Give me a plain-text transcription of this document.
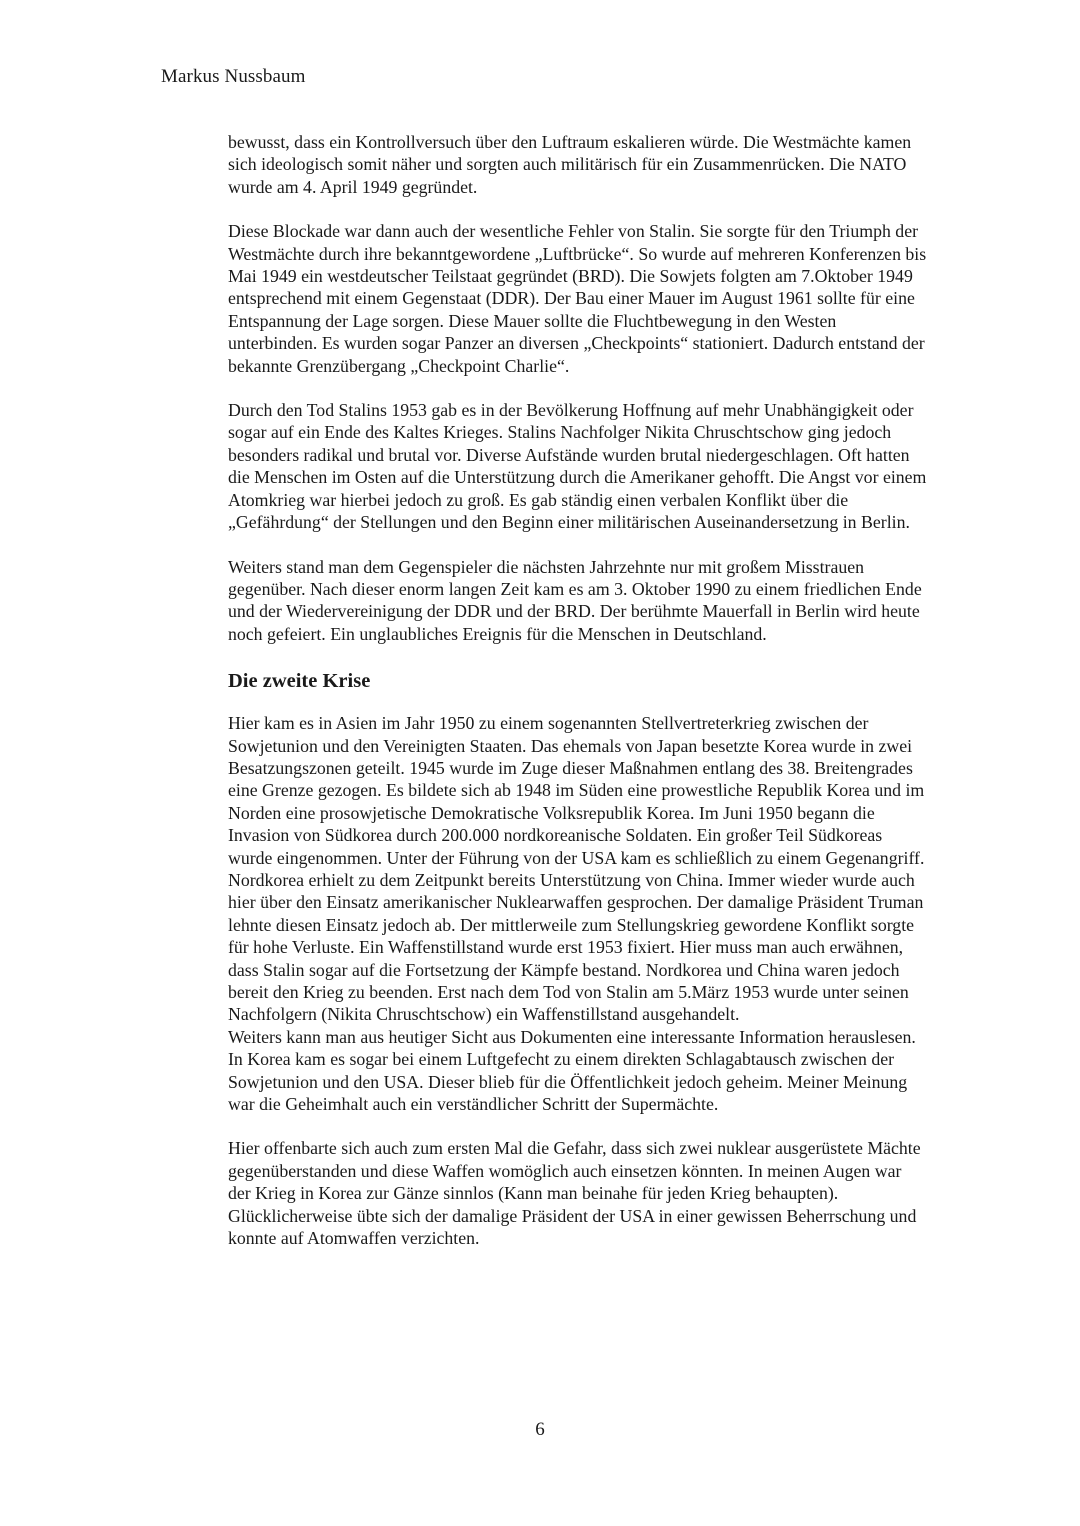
Markus Nussbaum

bewusst, dass ein Kontrollversuch über den Luftraum eskalieren würde. Die Westmächte kamen sich ideologisch somit näher und sorgten auch militärisch für ein Zusammenrücken. Die NATO wurde am 4. April 1949 gegründet.

Diese Blockade war dann auch der wesentliche Fehler von Stalin. Sie sorgte für den Triumph der Westmächte durch ihre bekanntgewordene „Luftbrücke“. So wurde auf mehreren Konferenzen bis Mai 1949 ein westdeutscher Teilstaat gegründet (BRD). Die Sowjets folgten am 7.Oktober 1949 entsprechend mit einem Gegenstaat (DDR). Der Bau einer Mauer im August 1961 sollte für eine Entspannung der Lage sorgen. Diese Mauer sollte die Fluchtbewegung in den Westen unterbinden. Es wurden sogar Panzer an diversen „Checkpoints“ stationiert. Dadurch entstand der bekannte Grenzübergang „Checkpoint Charlie“.

Durch den Tod Stalins 1953 gab es in der Bevölkerung Hoffnung auf mehr Unabhängigkeit oder sogar auf ein Ende des Kaltes Krieges. Stalins Nachfolger Nikita Chruschtschow ging jedoch besonders radikal und brutal vor. Diverse Aufstände wurden brutal niedergeschlagen. Oft hatten die Menschen im Osten auf die Unterstützung durch die Amerikaner gehofft. Die Angst vor einem Atomkrieg war hierbei jedoch zu groß. Es gab ständig einen verbalen Konflikt über die „Gefährdung“ der Stellungen und den Beginn einer militärischen Auseinandersetzung in Berlin.

Weiters stand man dem Gegenspieler die nächsten Jahrzehnte nur mit großem Misstrauen gegenüber. Nach dieser enorm langen Zeit kam es am 3. Oktober 1990 zu einem friedlichen Ende und der Wiedervereinigung der DDR und der BRD. Der berühmte Mauerfall in Berlin wird heute noch gefeiert. Ein unglaubliches Ereignis für die Menschen in Deutschland.

Die zweite Krise

Hier kam es in Asien im Jahr 1950 zu einem sogenannten Stellvertreterkrieg zwischen der Sowjetunion und den Vereinigten Staaten. Das ehemals von Japan besetzte Korea wurde in zwei Besatzungszonen geteilt. 1945 wurde im Zuge dieser Maßnahmen entlang des 38. Breitengrades eine Grenze gezogen. Es bildete sich ab 1948 im Süden eine prowestliche Republik Korea und im Norden eine prosowjetische Demokratische Volksrepublik Korea. Im Juni 1950 begann die Invasion von Südkorea durch 200.000 nordkoreanische Soldaten. Ein großer Teil Südkoreas wurde eingenommen. Unter der Führung von der USA kam es schließlich zu einem Gegenangriff. Nordkorea erhielt zu dem Zeitpunkt bereits Unterstützung von China. Immer wieder wurde auch hier über den Einsatz amerikanischer Nuklearwaffen gesprochen. Der damalige Präsident Truman lehnte diesen Einsatz jedoch ab. Der mittlerweile zum Stellungskrieg gewordene Konflikt sorgte für hohe Verluste. Ein Waffenstillstand wurde erst 1953 fixiert. Hier muss man auch erwähnen, dass Stalin sogar auf die Fortsetzung der Kämpfe bestand. Nordkorea und China waren jedoch bereit den Krieg zu beenden. Erst nach dem Tod von Stalin am 5.März 1953 wurde unter seinen Nachfolgern (Nikita Chruschtschow) ein Waffenstillstand ausgehandelt.

Weiters kann man aus heutiger Sicht aus Dokumenten eine interessante Information herauslesen. In Korea kam es sogar bei einem Luftgefecht zu einem direkten Schlagabtausch zwischen der Sowjetunion und den USA. Dieser blieb für die Öffentlichkeit jedoch geheim. Meiner Meinung war die Geheimhalt auch ein verständlicher Schritt der Supermächte.

Hier offenbarte sich auch zum ersten Mal die Gefahr, dass sich zwei nuklear ausgerüstete Mächte gegenüberstanden und diese Waffen womöglich auch einsetzen könnten. In meinen Augen war der Krieg in Korea zur Gänze sinnlos (Kann man beinahe für jeden Krieg behaupten). Glücklicherweise übte sich der damalige Präsident der USA in einer gewissen Beherrschung und konnte auf Atomwaffen verzichten.

6
